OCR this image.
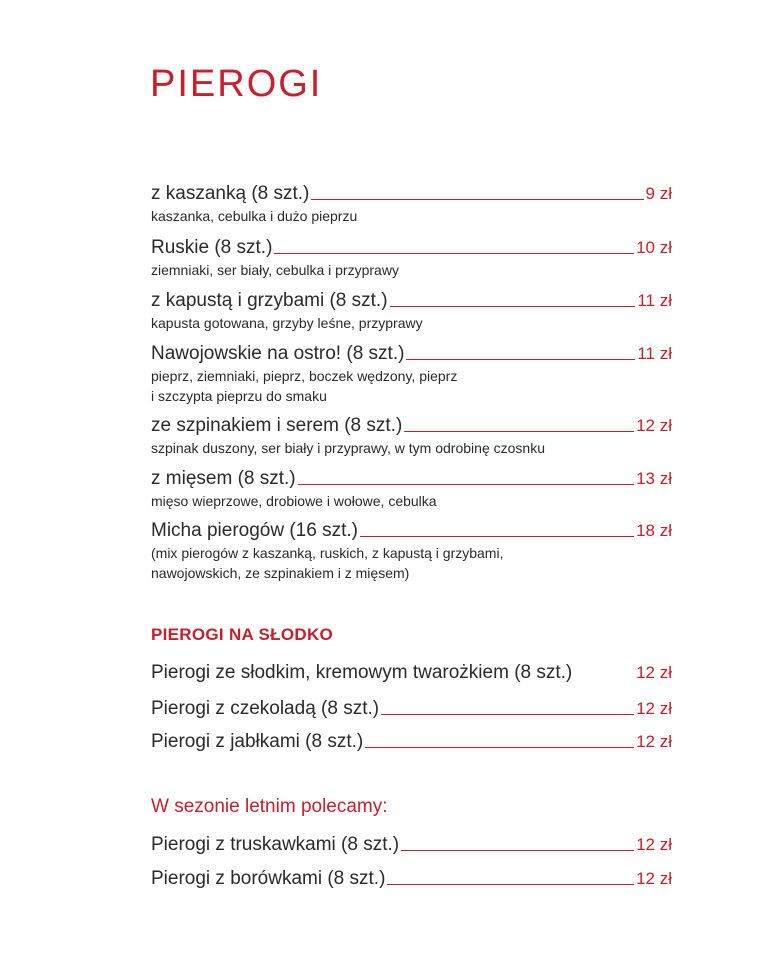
PIEROGI
z kaszanką (8 szt.)	9 zł
kaszanka, cebulka i dużo pieprzu
Ruskie (8 szt.)	10 zł
ziemniaki, ser biały, cebulka i przyprawy
z kapustą i grzybami (8 szt.)	11 zł
kapusta gotowana, grzyby leśne, przyprawy
Nawojowskie na ostro! (8 szt.)	11 zł
pieprz, ziemniaki, pieprz, boczek wędzony, pieprz
i szczypta pieprzu do smaku
ze szpinakiem i serem (8 szt.)	12 zł
szpinak duszony, ser biały i przyprawy, w tym odrobinę czosnku
z mięsem (8 szt.)	13 zł
mięso wieprzowe, drobiowe i wołowe, cebulka
Micha pierogów (16 szt.)	18 zł
(mix pierogów z kaszanką, ruskich, z kapustą i grzybami,
nawojowskich, ze szpinakiem i z mięsem)
PIEROGI NA SŁODKO
Pierogi ze słodkim, kremowym twarożkiem (8 szt.)	12 zł
Pierogi z czekoladą (8 szt.)	12 zł
Pierogi z jabłkami (8 szt.)	12 zł
W sezonie letnim polecamy:
Pierogi z truskawkami (8 szt.)	12 zł
Pierogi z borówkami (8 szt.)	12 zł
